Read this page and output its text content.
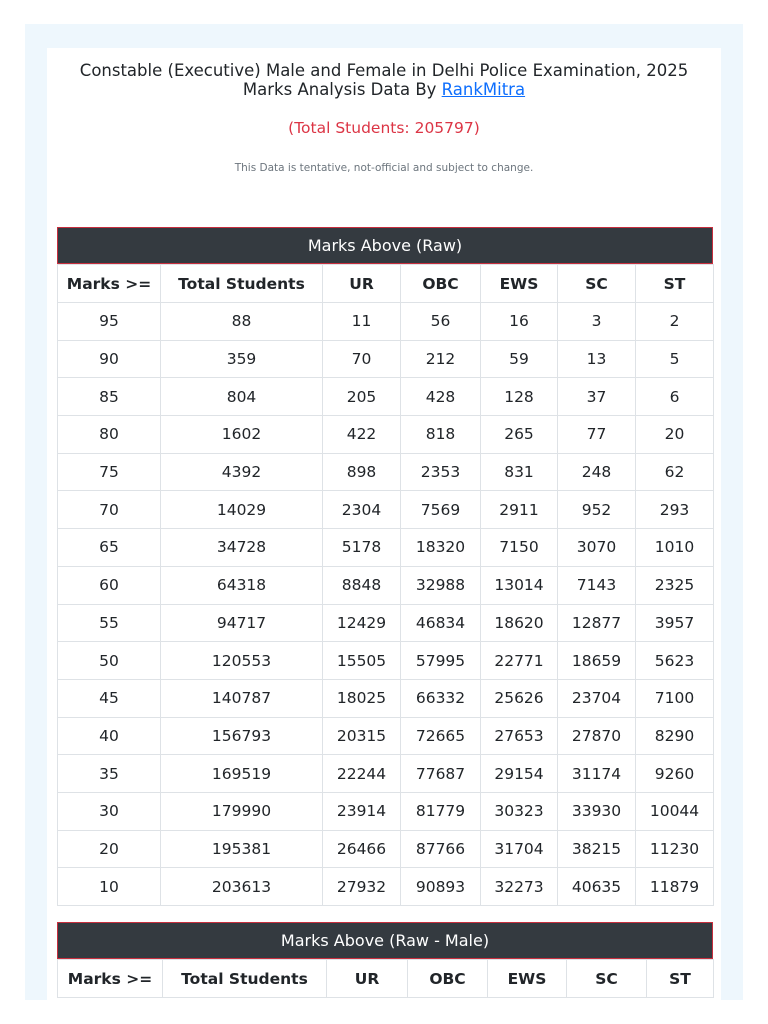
Constable (Executive) Male and Female in Delhi Police Examination, 2025
Marks Analysis Data By RankMitra
(Total Students: 205797)
This Data is tentative, not-official and subject to change.
Marks Above (Raw)
Marks >=	Total Students	UR	OBC	EWS	SC	ST
95	88	11	56	16	3	2
90	359	70	212	59	13	5
85	804	205	428	128	37	6
80	1602	422	818	265	77	20
75	4392	898	2353	831	248	62
70	14029	2304	7569	2911	952	293
65	34728	5178	18320	7150	3070	1010
60	64318	8848	32988	13014	7143	2325
55	94717	12429	46834	18620	12877	3957
50	120553	15505	57995	22771	18659	5623
45	140787	18025	66332	25626	23704	7100
40	156793	20315	72665	27653	27870	8290
35	169519	22244	77687	29154	31174	9260
30	179990	23914	81779	30323	33930	10044
20	195381	26466	87766	31704	38215	11230
10	203613	27932	90893	32273	40635	11879
Marks Above (Raw - Male)
Marks >=	Total Students	UR	OBC	EWS	SC	ST
